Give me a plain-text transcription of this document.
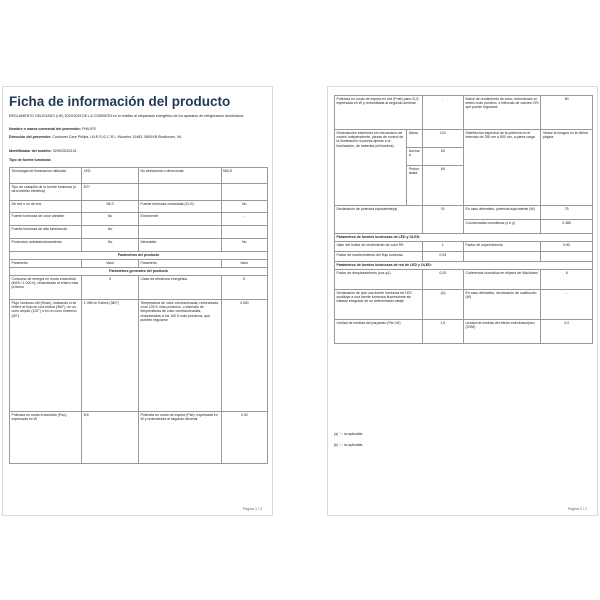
Ficha de información del producto
REGLAMENTO DELEGADO (UE) 2019/2015 DE LA COMISIÓN en lo relativo al etiquetado energético de los aparatos de refrigeración domésticos
Nombre o marca comercial del proveedor: PHILIPS
Dirección del proveedor: Customer Care Philips, I.B.R.S./C.C.R.I. /Numéro 10463, 5600VB Eindhoven, NL
Identificador del modelo: 929003202101
Tipo de fuente luminosa:
Tecnología de iluminación utilizada:	LED	No direccional o direccional:	NDLS
Tipo de casquillo de la fuente luminosa (o otra interfaz eléctrica)	E27		
De red o no de red:	MLS	Fuente luminosa conectada (CLS):	No
Fuente luminosa de color variable:	No	Envolvente:	-
Fuente luminosa de alta luminancia:	No		
Protección antideslumbramiento:	No	Atenuable:	No
Parámetros del producto			
Parámetro	Valor	Parámetro	Valor
Parámetros generales del producto			
Consumo de energía en modo encendido (kWh / 1 000 h), redondeado al entero más próximo	9	Clase de eficiencia energética	E
Flujo luminoso útil (Φuse), indicando si se refiere al flujo en una esfera (360°), en un cono amplio (120°) o en un cono estrecho (90°)	1 055 en Esfera (360°)	Temperatura de color correlacionada, redondeada a los 100 K más próximos, o intervalo de temperaturas de color correlacionadas, redondeadas a los 100 K más próximos, que pueden regularse	4 000
Potencia en modo encendido (Pon), expresada en W	8,5	Potencia en modo de espera (Psb), expresada en W y redondeada al segundo decimal	0,00
Página 1 / 2
Potencia en modo de espera en red (Pnet) para CLS, expresada en W y redondeada al segundo decimal		-	Índice de rendimiento de color, redondeado al entero más próximo, o intervalo de valores CRI que puede regularse	80
Dimensiones exteriores sin mecanismo de control independiente, piezas de control de la iluminación ni piezas ajenas a la iluminación, de haberlas (milímetros)	Altura	124	Distribución espectral de la potencia en el intervalo de 250 nm a 800 nm, a plena carga	Véase la imagen en la última página
	Anchura	60		
	Profundidad	60		
Declaración de potencia equivalente(a)		Sí	En caso afirmativo, potencia equivalente (W)	75
			Coordenadas cromáticas (x e y)	0,380
Parámetros de fuentes luminosas de LED y OLED:				
Valor del índice de rendimiento de color R9		1	Factor de supervivencia	0,90
Factor de mantenimiento del flujo luminoso		0,93		
Parámetros de fuentes luminosas de red de LED y OLED:				
Factor de desplazamiento (cos φ1)		0,00	Coherencia cromática en elipses de MacAdam	6
Declaración de que una fuente luminosa de LED sustituye a una fuente luminosa fluorescente sin balasto integrado de un determinado vataje		-(b)	En caso afirmativo, declaración de sustitución (W)	-
Unidad de medida del parpadeo (Pst LM)		1,0	Unidad de medida del efecto estroboscópico (SVM)	0,0
(a) '-': no aplicable.
(b) '-': no aplicable.
Página 2 / 2
